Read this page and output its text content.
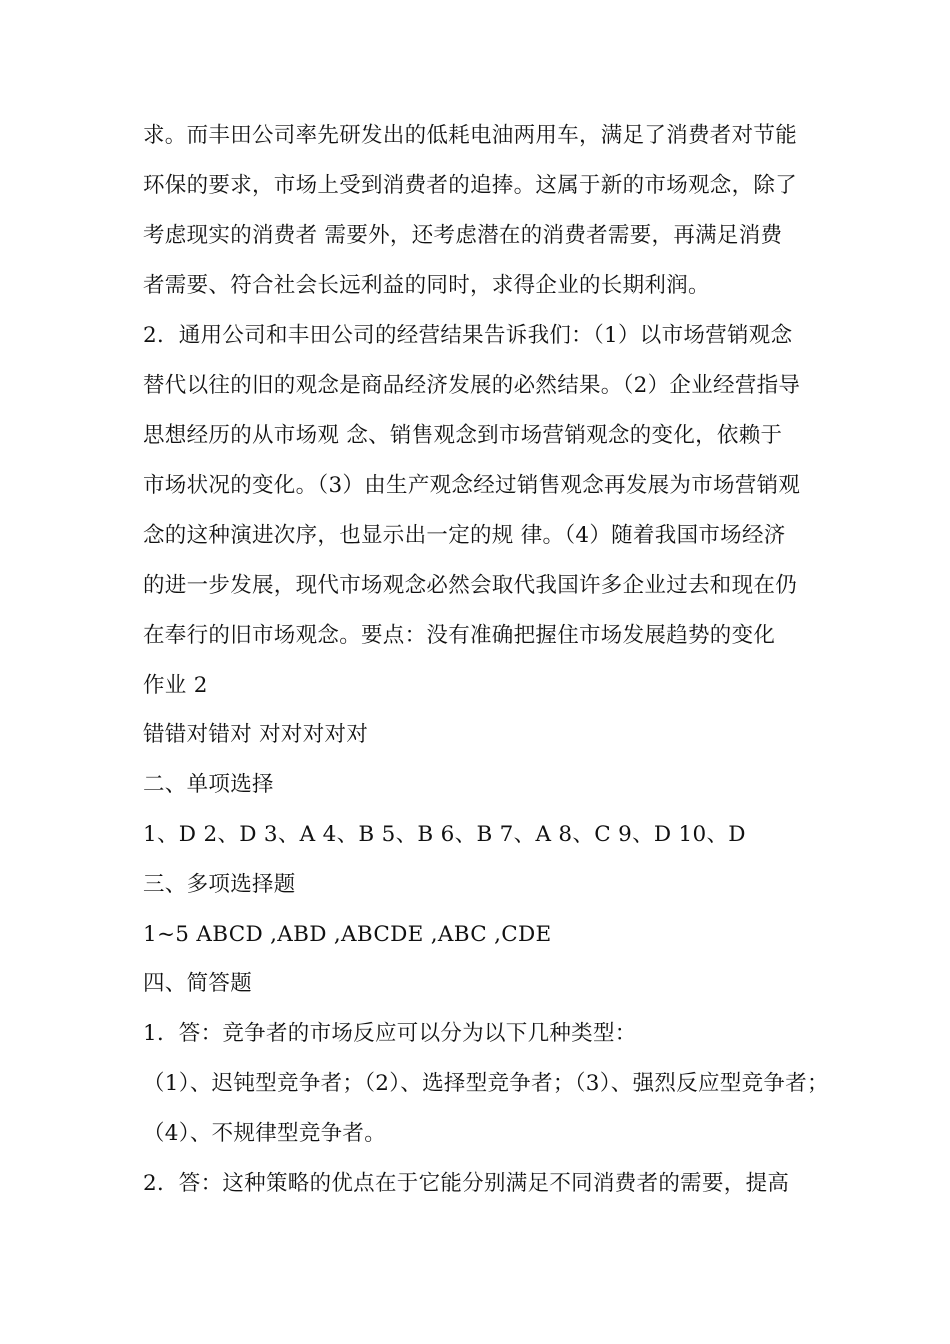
求。而丰田公司率先研发出的低耗电油两用车，满足了消费者对节能
环保的要求，市场上受到消费者的追捧。这属于新的市场观念，除了
考虑现实的消费者 需要外，还考虑潜在的消费者需要，再满足消费
者需要、符合社会长远利益的同时，求得企业的长期利润。
2．通用公司和丰田公司的经营结果告诉我们：（1）以市场营销观念
替代以往的旧的观念是商品经济发展的必然结果。（2）企业经营指导
思想经历的从市场观 念、销售观念到市场营销观念的变化，依赖于
市场状况的变化。（3）由生产观念经过销售观念再发展为市场营销观
念的这种演进次序，也显示出一定的规 律。（4）随着我国市场经济
的进一步发展，现代市场观念必然会取代我国许多企业过去和现在仍
在奉行的旧市场观念。要点：没有准确把握住市场发展趋势的变化
作业 2
错错对错对 对对对对对
二、单项选择
1、D 2、D 3、A 4、B 5、B 6、B 7、A 8、C 9、D 10、D
三、多项选择题
1~5 ABCD ,ABD ,ABCDE ,ABC ,CDE
四、简答题
1．答：竞争者的市场反应可以分为以下几种类型：
（1）、迟钝型竞争者；（2）、选择型竞争者；（3）、强烈反应型竞争者；
（4）、不规律型竞争者。
2．答：这种策略的优点在于它能分别满足不同消费者的需要，提高
